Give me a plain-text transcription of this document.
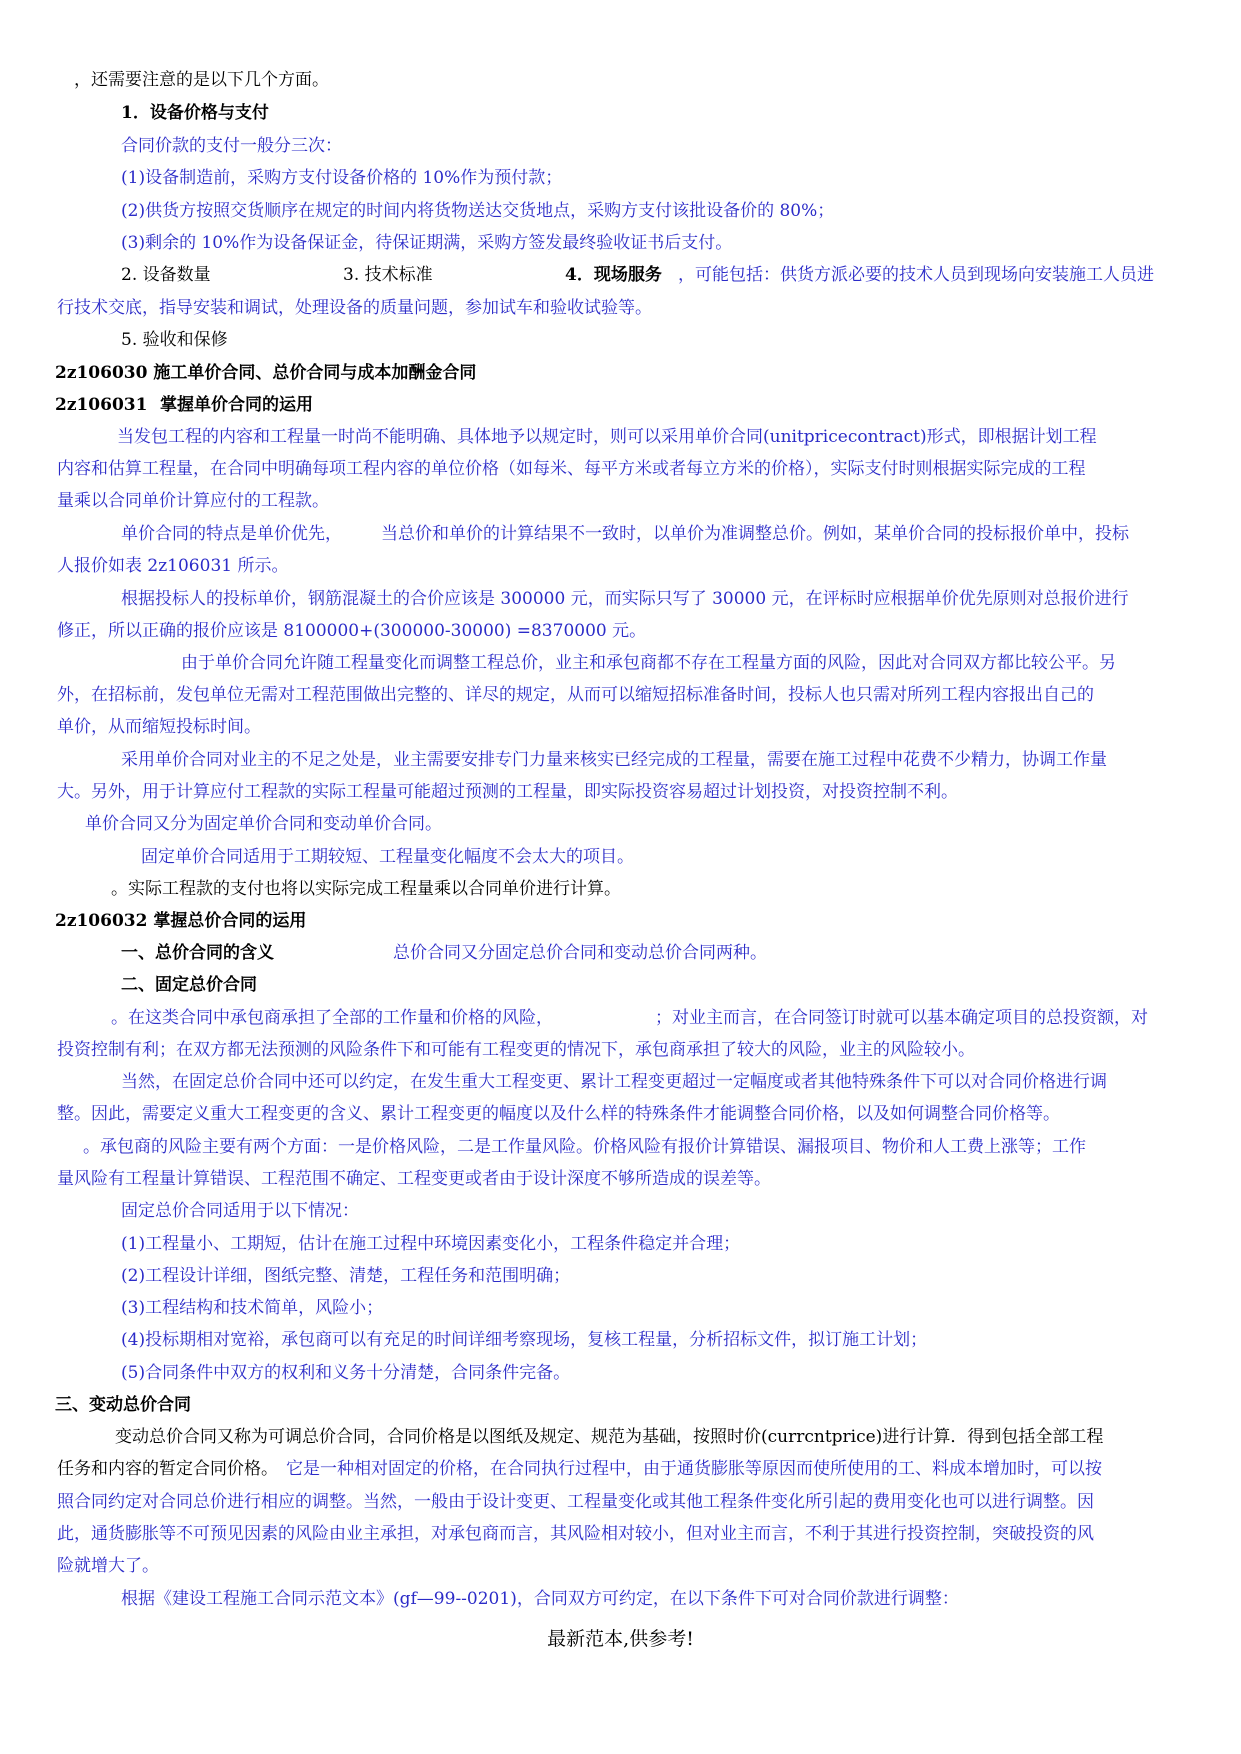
，还需要注意的是以下几个方面。
1．设备价格与支付
合同价款的支付一般分三次：
(1)设备制造前，采购方支付设备价格的 10%作为预付款；
(2)供货方按照交货顺序在规定的时间内将货物送达交货地点，采购方支付该批设备价的 80%；
(3)剩余的 10%作为设备保证金，待保证期满，采购方签发最终验收证书后支付。
2. 设备数量	3. 技术标准	4．现场服务 ，可能包括：供货方派必要的技术人员到现场向安装施工人员进
行技术交底，指导安装和调试，处理设备的质量问题，参加试车和验收试验等。
5. 验收和保修
2z106030 施工单价合同、总价合同与成本加酬金合同
2z106031 掌握单价合同的运用
当发包工程的内容和工程量一时尚不能明确、具体地予以规定时，则可以采用单价合同(unitpricecontract)形式，即根据计划工程
内容和估算工程量，在合同中明确每项工程内容的单位价格（如每米、每平方米或者每立方米的价格），实际支付时则根据实际完成的工程
量乘以合同单价计算应付的工程款。
单价合同的特点是单价优先， 当总价和单价的计算结果不一致时，以单价为准调整总价。例如，某单价合同的投标报价单中，投标
人报价如表 2z106031 所示。
根据投标人的投标单价，钢筋混凝土的合价应该是 300000 元，而实际只写了 30000 元，在评标时应根据单价优先原则对总报价进行
修正，所以正确的报价应该是 8100000+(300000-30000) =8370000 元。
由于单价合同允许随工程量变化而调整工程总价，业主和承包商都不存在工程量方面的风险，因此对合同双方都比较公平。另
外，在招标前，发包单位无需对工程范围做出完整的、详尽的规定，从而可以缩短招标准备时间，投标人也只需对所列工程内容报出自己的
单价，从而缩短投标时间。
采用单价合同对业主的不足之处是，业主需要安排专门力量来核实已经完成的工程量，需要在施工过程中花费不少精力，协调工作量
大。另外，用于计算应付工程款的实际工程量可能超过预测的工程量，即实际投资容易超过计划投资，对投资控制不利。
单价合同又分为固定单价合同和变动单价合同。
固定单价合同适用于工期较短、工程量变化幅度不会太大的项目。
。实际工程款的支付也将以实际完成工程量乘以合同单价进行计算。
2z106032 掌握总价合同的运用
一、总价合同的含义	总价合同又分固定总价合同和变动总价合同两种。
二、固定总价合同
。在这类合同中承包商承担了全部的工作量和价格的风险，	；对业主而言，在合同签订时就可以基本确定项目的总投资额，对
投资控制有利；在双方都无法预测的风险条件下和可能有工程变更的情况下，承包商承担了较大的风险，业主的风险较小。
当然，在固定总价合同中还可以约定，在发生重大工程变更、累计工程变更超过一定幅度或者其他特殊条件下可以对合同价格进行调
整。因此，需要定义重大工程变更的含义、累计工程变更的幅度以及什么样的特殊条件才能调整合同价格，以及如何调整合同价格等。
。承包商的风险主要有两个方面：一是价格风险，二是工作量风险。价格风险有报价计算错误、漏报项目、物价和人工费上涨等；工作
量风险有工程量计算错误、工程范围不确定、工程变更或者由于设计深度不够所造成的误差等。
固定总价合同适用于以下情况：
(1)工程量小、工期短，估计在施工过程中环境因素变化小，工程条件稳定并合理；
(2)工程设计详细，图纸完整、清楚，工程任务和范围明确；
(3)工程结构和技术简单，风险小；
(4)投标期相对宽裕，承包商可以有充足的时间详细考察现场，复核工程量，分析招标文件，拟订施工计划；
(5)合同条件中双方的权利和义务十分清楚，合同条件完备。
三、变动总价合同
变动总价合同又称为可调总价合同，合同价格是以图纸及规定、规范为基础，按照时价(currcntprice)进行计算．得到包括全部工程
任务和内容的暂定合同价格。 它是一种相对固定的价格，在合同执行过程中，由于通货膨胀等原因而使所使用的工、料成本增加时，可以按
照合同约定对合同总价进行相应的调整。当然，一般由于设计变更、工程量变化或其他工程条件变化所引起的费用变化也可以进行调整。因
此，通货膨胀等不可预见因素的风险由业主承担，对承包商而言，其风险相对较小，但对业主而言，不利于其进行投资控制，突破投资的风
险就增大了。
根据《建设工程施工合同示范文本》(gf—99--0201)，合同双方可约定，在以下条件下可对合同价款进行调整：
最新范本,供参考!
